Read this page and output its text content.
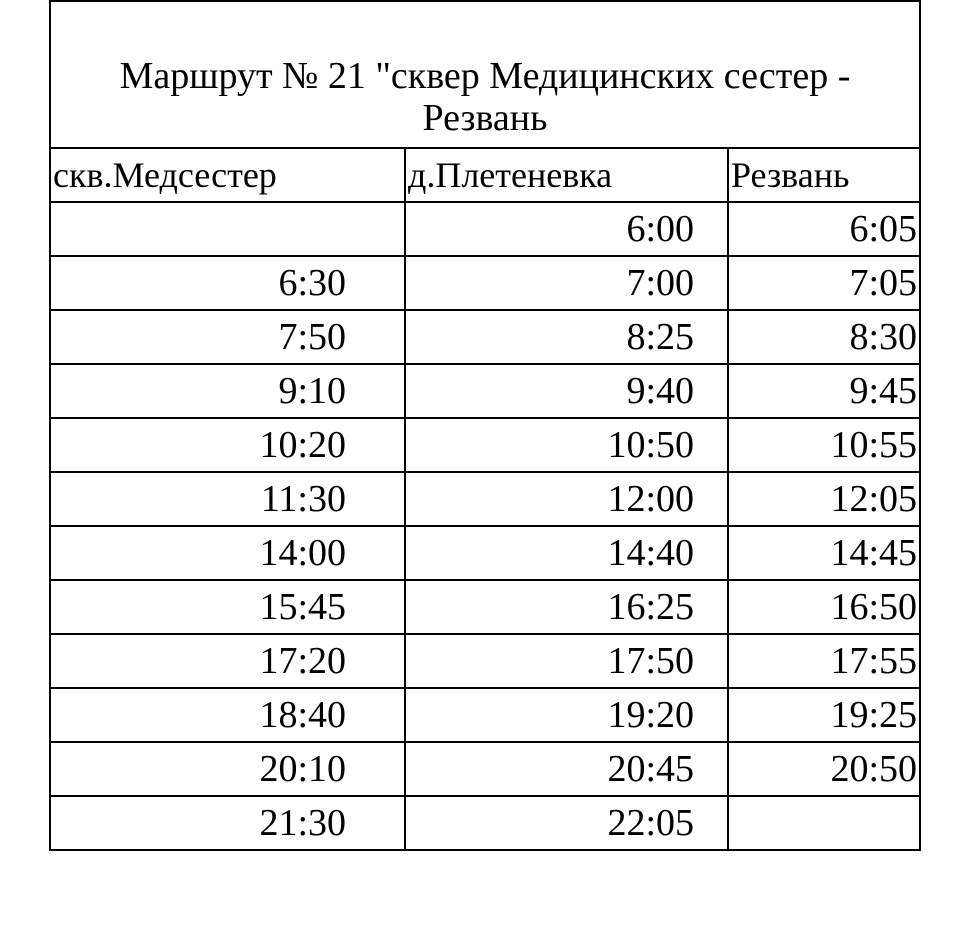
Маршрут № 21 "сквер Медицинских сестер -
Резвань		

скв.Медсестер	д.Плетеневка	Резвань
	6:00	6:05
6:30	7:00	7:05
7:50	8:25	8:30
9:10	9:40	9:45
10:20	10:50	10:55
11:30	12:00	12:05
14:00	14:40	14:45
15:45	16:25	16:50
17:20	17:50	17:55
18:40	19:20	19:25
20:10	20:45	20:50
21:30	22:05	
